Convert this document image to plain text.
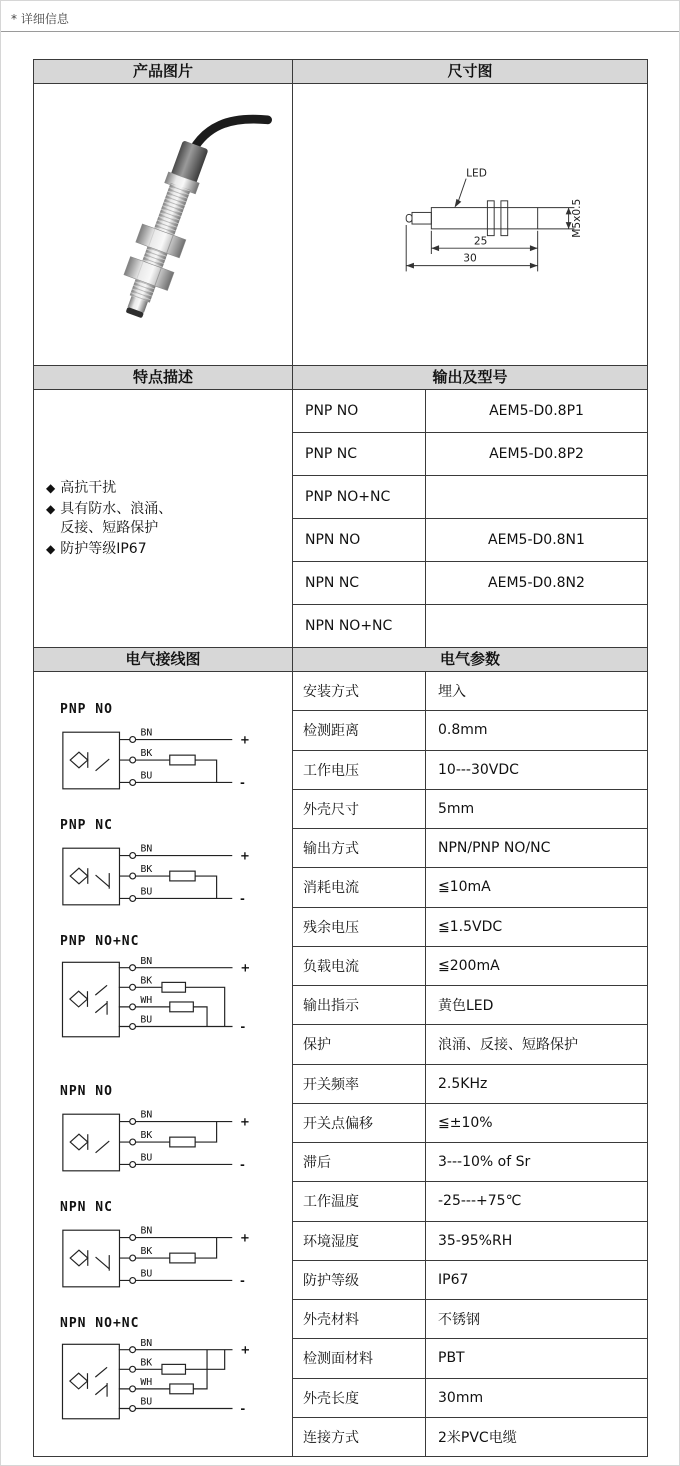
* 详细信息
产品图片	尺寸图
LED
25
30
M5x0.5
特点描述	输出及型号
◆ 高抗干扰
◆ 具有防水、浪涌、反接、短路保护
◆ 防护等级IP67
PNP NO	AEM5-D0.8P1
PNP NC	AEM5-D0.8P2
PNP NO+NC
NPN NO	AEM5-D0.8N1
NPN NC	AEM5-D0.8N2
NPN NO+NC
电气接线图	电气参数
PNP NO
BN	+
BK
BU	-
PNP NC
BN	+
BK
BU	-
PNP NO+NC
BN	+
BK
WH
BU	-
NPN NO
BN	+
BK
BU	-
NPN NC
BN	+
BK
BU	-
NPN NO+NC
BN	+
BK
WH
BU	-
安装方式	埋入
检测距离	0.8mm
工作电压	10---30VDC
外壳尺寸	5mm
输出方式	NPN/PNP NO/NC
消耗电流	≦10mA
残余电压	≦1.5VDC
负载电流	≦200mA
输出指示	黄色LED
保护	浪涌、反接、短路保护
开关频率	2.5KHz
开关点偏移	≦±10%
滞后	3---10% of Sr
工作温度	-25---+75℃
环境湿度	35-95%RH
防护等级	IP67
外壳材料	不锈钢
检测面材料	PBT
外壳长度	30mm
连接方式	2米PVC电缆
